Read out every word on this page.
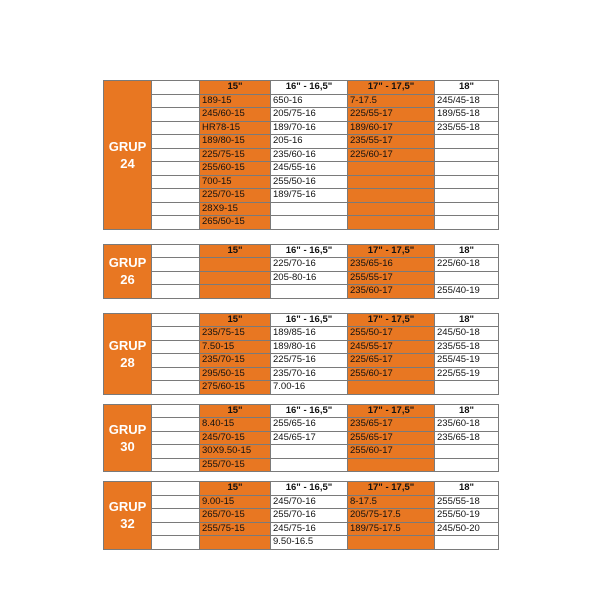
GRUP
24		15"	16" - 16,5"	17" - 17,5"	18"
		189-15	650-16	7-17.5	245/45-18
		245/60-15	205/75-16	225/55-17	189/55-18
		HR78-15	189/70-16	189/60-17	235/55-18
		189/80-15	205-16	235/55-17	
		225/75-15	235/60-16	225/60-17	
		255/60-15	245/55-16		
		700-15	255/50-16		
		225/70-15	189/75-16		
		28X9-15			
		265/50-15			
GRUP
26		15"	16" - 16,5"	17" - 17,5"	18"
			225/70-16	235/65-16	225/60-18
			205-80-16	255/55-17	
				235/60-17	255/40-19
GRUP
28		15"	16" - 16,5"	17" - 17,5"	18"
		235/75-15	189/85-16	255/50-17	245/50-18
		7.50-15	189/80-16	245/55-17	235/55-18
		235/70-15	225/75-16	225/65-17	255/45-19
		295/50-15	235/70-16	255/60-17	225/55-19
		275/60-15	7.00-16		
GRUP
30		15"	16" - 16,5"	17" - 17,5"	18"
		8.40-15	255/65-16	235/65-17	235/60-18
		245/70-15	245/65-17	255/65-17	235/65-18
		30X9.50-15		255/60-17	
		255/70-15			
GRUP
32		15"	16" - 16,5"	17" - 17,5"	18"
		9.00-15	245/70-16	8-17.5	255/55-18
		265/70-15	255/70-16	205/75-17.5	255/50-19
		255/75-15	245/75-16	189/75-17.5	245/50-20
			9.50-16.5		
